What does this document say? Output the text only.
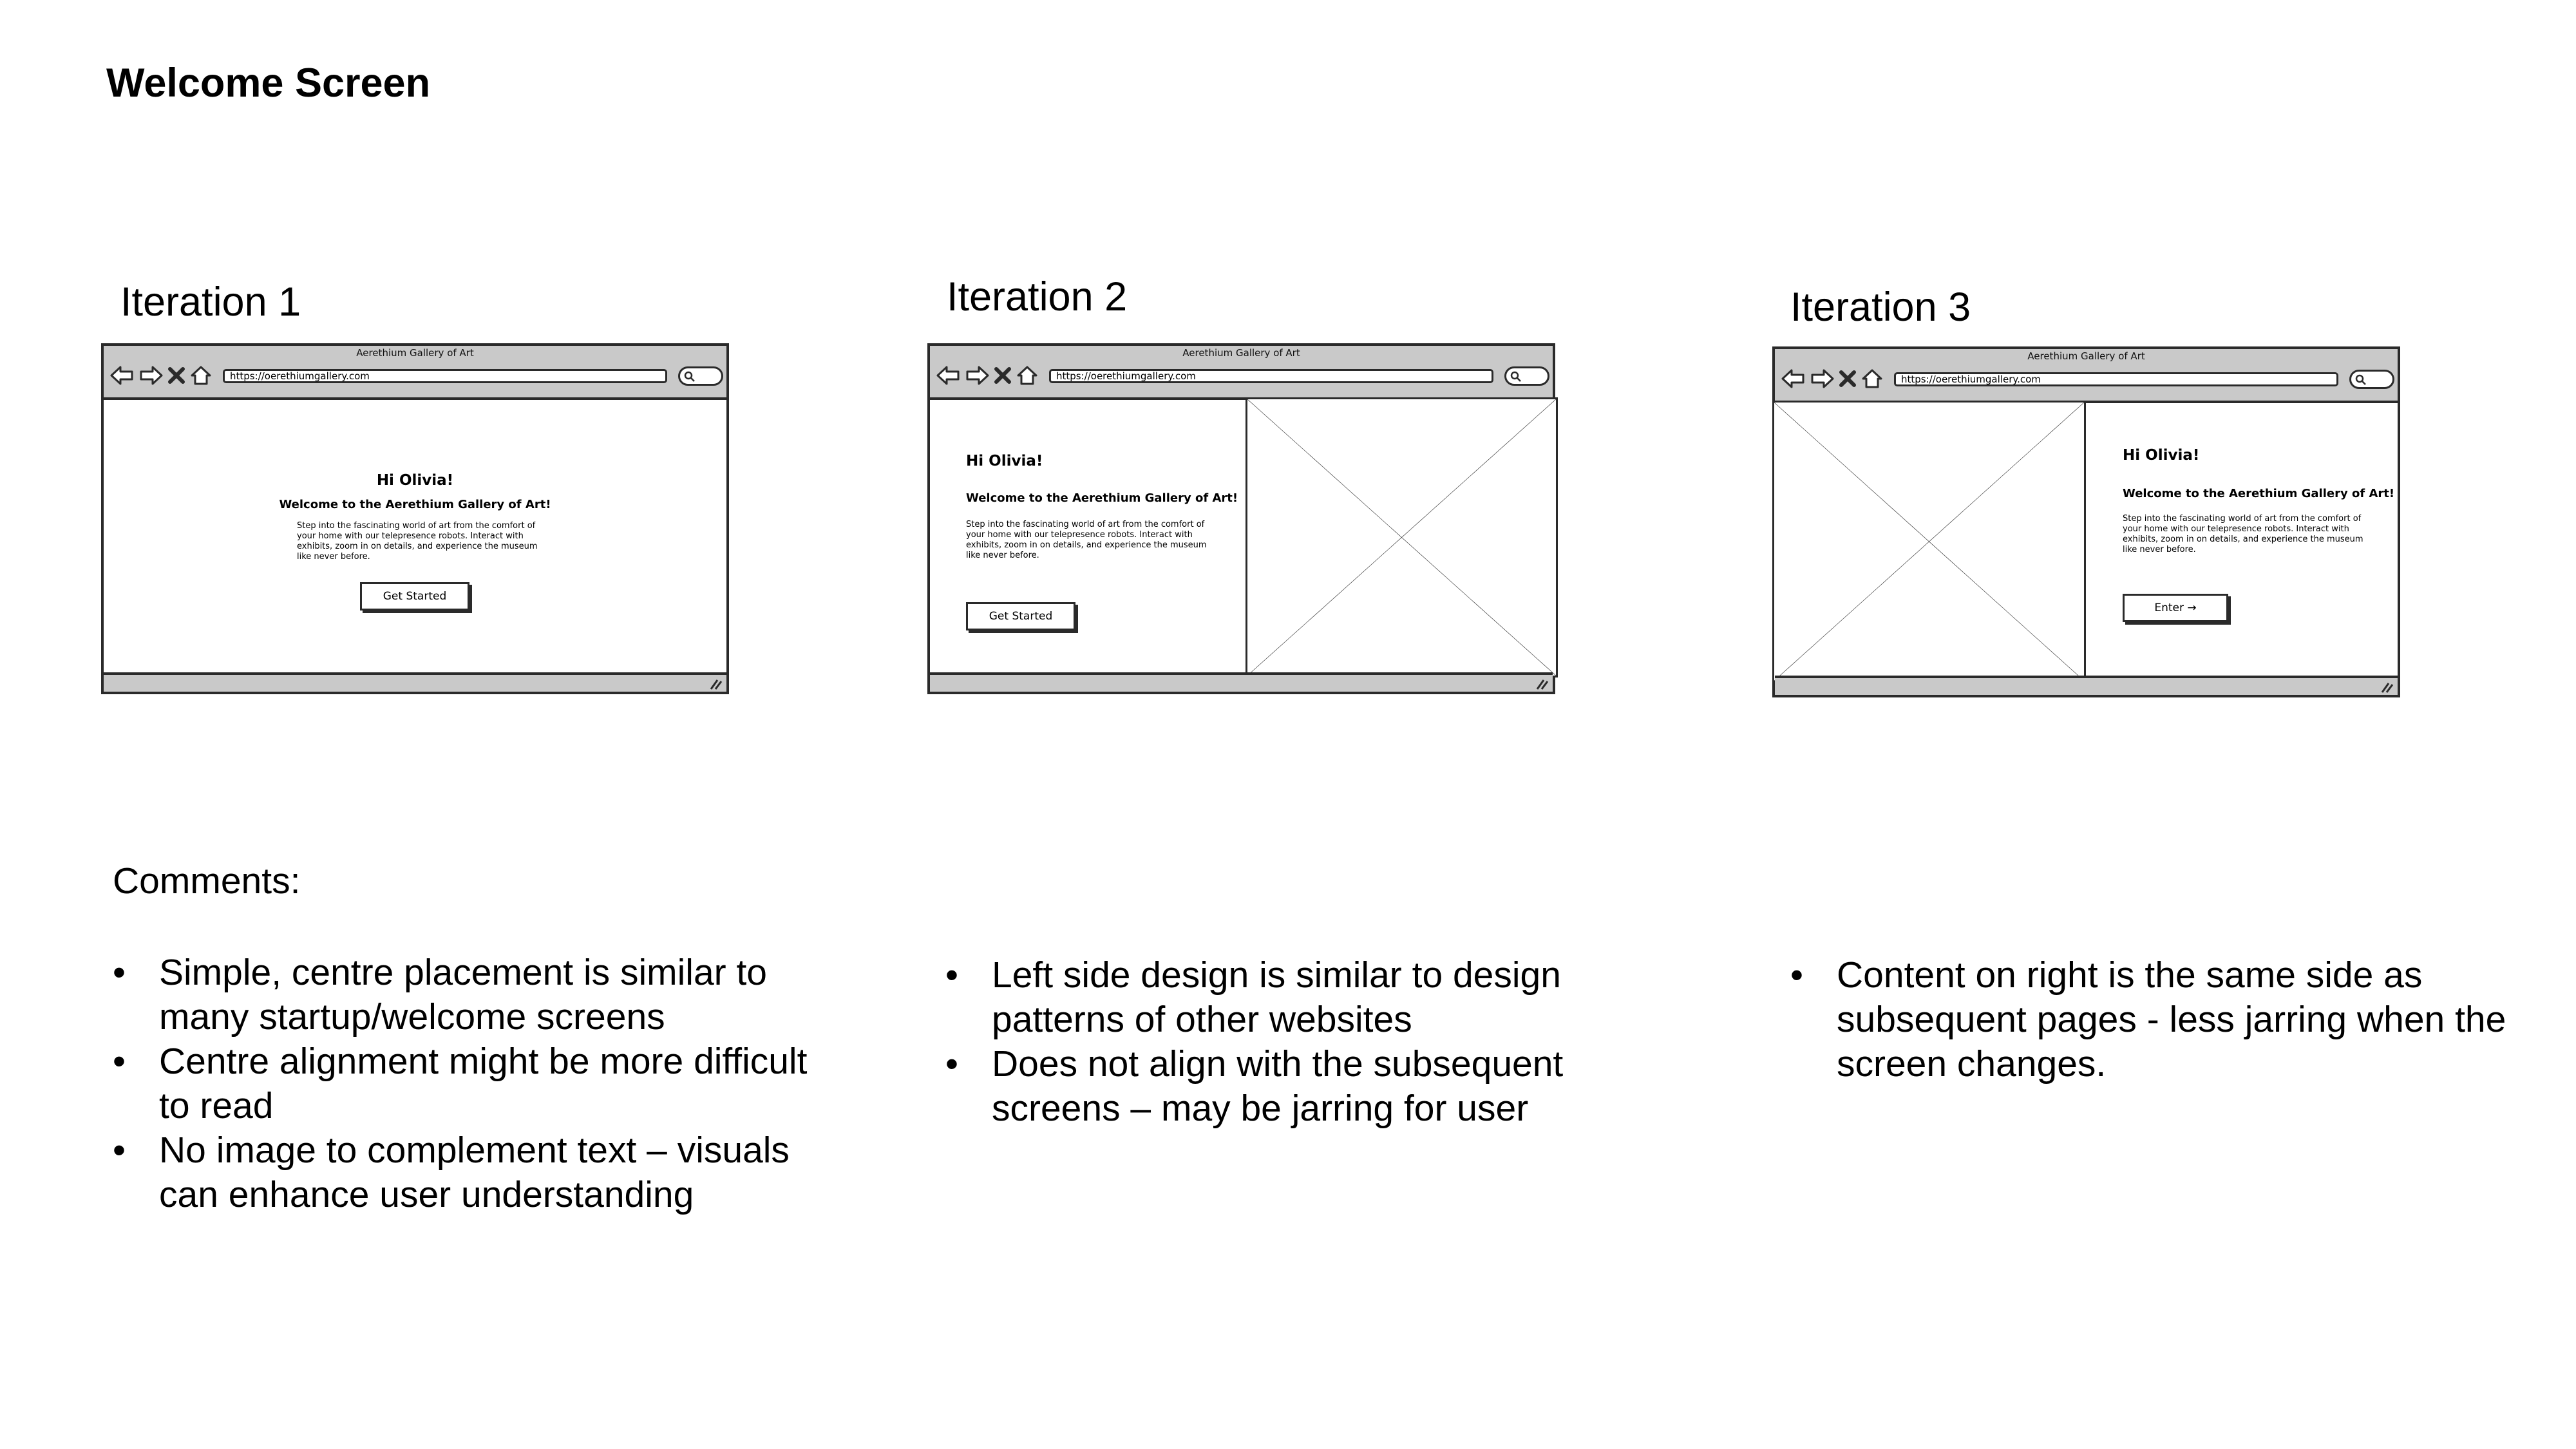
Welcome Screen
Iteration 1	Iteration 2	Iteration 3
Aerethium Gallery of Art
https://oerethiumgallery.com
Hi Olivia!
Welcome to the Aerethium Gallery of Art!
Step into the fascinating world of art from the comfort of your home with our telepresence robots. Interact with exhibits, zoom in on details, and experience the museum like never before.
Get Started
Aerethium Gallery of Art
https://oerethiumgallery.com
Hi Olivia!
Welcome to the Aerethium Gallery of Art!
Step into the fascinating world of art from the comfort of your home with our telepresence robots. Interact with exhibits, zoom in on details, and experience the museum like never before.
Get Started
Aerethium Gallery of Art
https://oerethiumgallery.com
Hi Olivia!
Welcome to the Aerethium Gallery of Art!
Step into the fascinating world of art from the comfort of your home with our telepresence robots. Interact with exhibits, zoom in on details, and experience the museum like never before.
Enter →
Comments:
• Simple, centre placement is similar to many startup/welcome screens
• Centre alignment might be more difficult to read
• No image to complement text – visuals can enhance user understanding
• Left side design is similar to design patterns of other websites
• Does not align with the subsequent screens – may be jarring for user
• Content on right is the same side as subsequent pages - less jarring when the screen changes.
